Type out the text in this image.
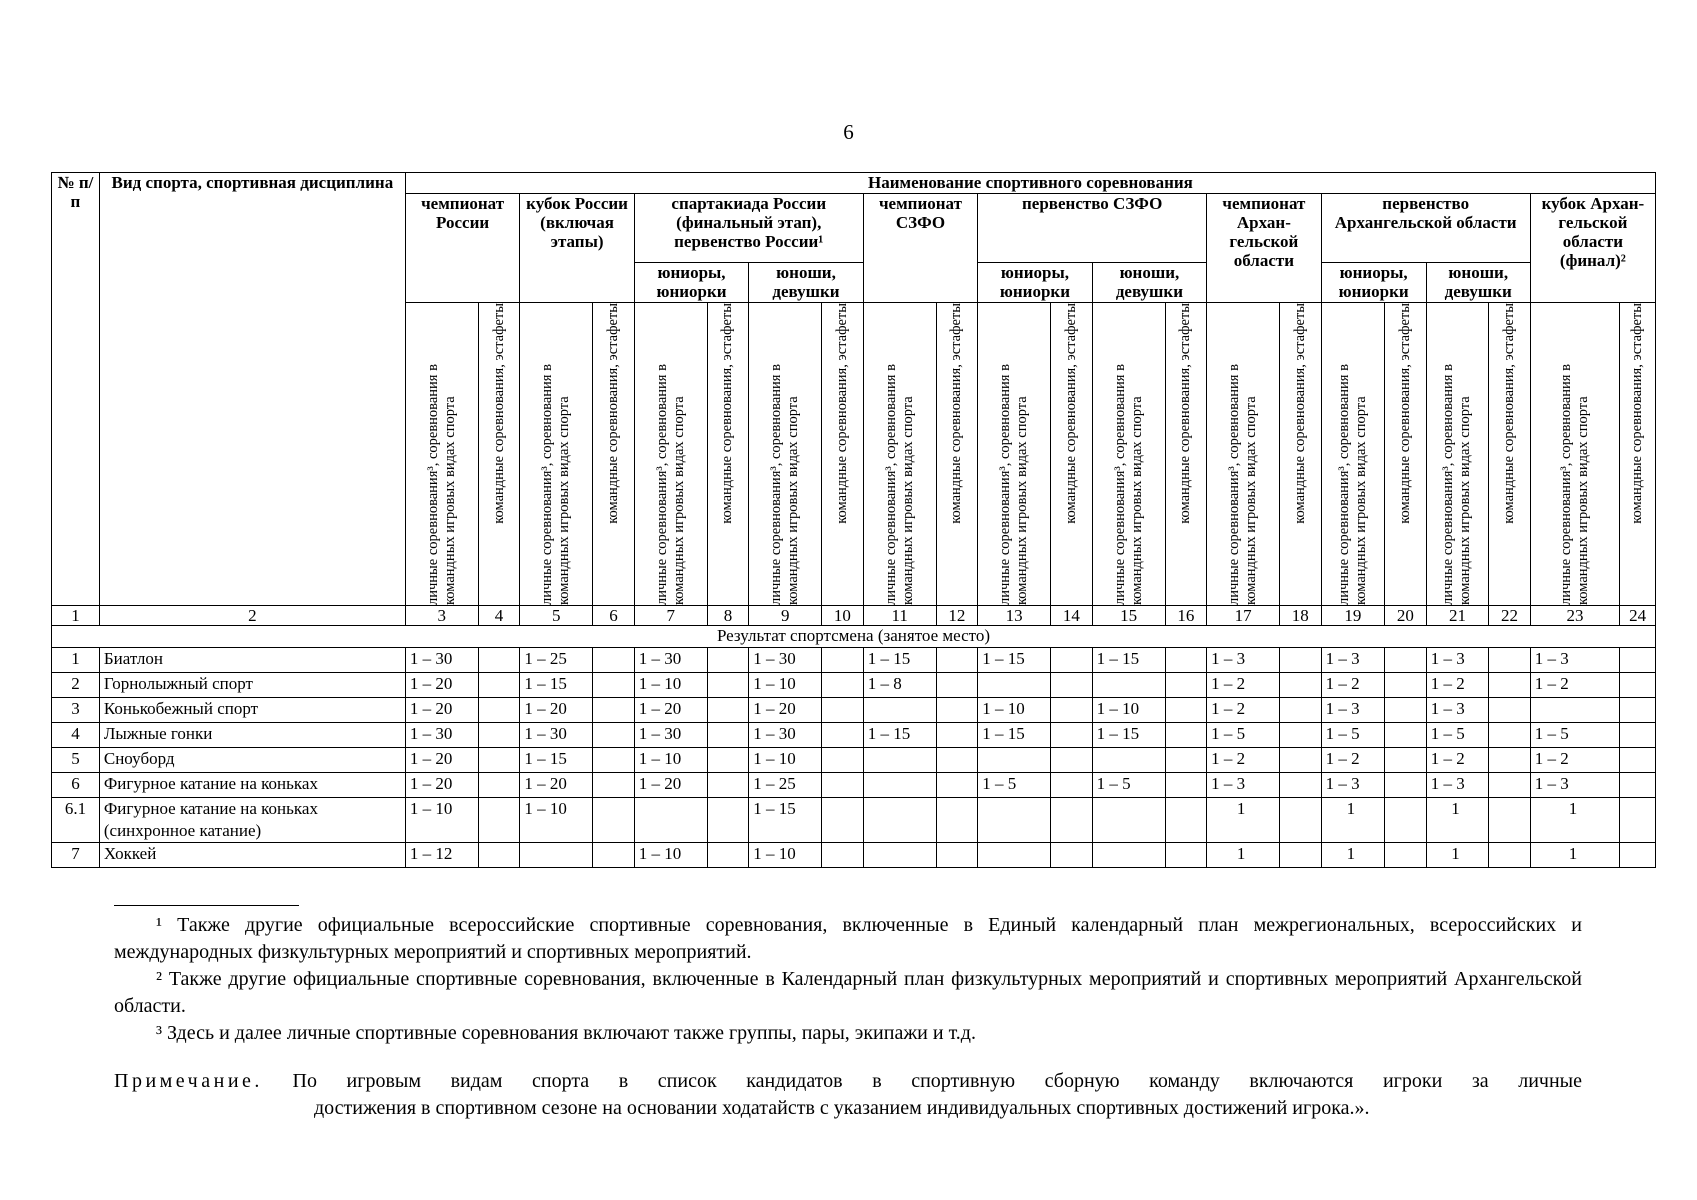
6
№ п/п	Вид спорта, спортивная дисциплина	Наименование спортивного соревнования																					
		чемпионат России		кубок России (включая этапы)		спартакиада России (финальный этап), первенство России¹				чемпионат СЗФО		первенство СЗФО				чемпионат Архан-гельской области		первенство Архангельской области				кубок Архан-гельской области (финал)²	
						юниоры, юниорки		юноши, девушки				юниоры, юниорки		юноши, девушки				юниоры, юниорки		юноши, девушки			

		личные соревнования³, соревнования в командных игровых видах спорта	командные соревнования, эстафеты	личные соревнования³, соревнования в командных игровых видах спорта	командные соревнования, эстафеты	личные соревнования³, соревнования в командных игровых видах спорта	командные соревнования, эстафеты	личные соревнования³, соревнования в командных игровых видах спорта	командные соревнования, эстафеты	личные соревнования³, соревнования в командных игровых видах спорта	командные соревнования, эстафеты	личные соревнования³, соревнования в командных игровых видах спорта	командные соревнования, эстафеты	личные соревнования³, соревнования в командных игровых видах спорта	командные соревнования, эстафеты	личные соревнования³, соревнования в командных игровых видах спорта	командные соревнования, эстафеты	личные соревнования³, соревнования в командных игровых видах спорта	командные соревнования, эстафеты	личные соревнования³, соревнования в командных игровых видах спорта	командные соревнования, эстафеты	личные соревнования³, соревнования в командных игровых видах спорта	командные соревнования, эстафеты

1	2	3	4	5	6	7	8	9	10	11	12	13	14	15	16	17	18	19	20	21	22	23	24
Результат спортсмена (занятое место)																							
1	Биатлон	1 – 30		1 – 25		1 – 30		1 – 30		1 – 15		1 – 15		1 – 15		1 – 3		1 – 3		1 – 3		1 – 3	
2	Горнолыжный спорт	1 – 20		1 – 15		1 – 10		1 – 10		1 – 8						1 – 2		1 – 2		1 – 2		1 – 2	
3	Конькобежный спорт	1 – 20		1 – 20		1 – 20		1 – 20				1 – 10		1 – 10		1 – 2		1 – 3		1 – 3			
4	Лыжные гонки	1 – 30		1 – 30		1 – 30		1 – 30		1 – 15		1 – 15		1 – 15		1 – 5		1 – 5		1 – 5		1 – 5	
5	Сноуборд	1 – 20		1 – 15		1 – 10		1 – 10								1 – 2		1 – 2		1 – 2		1 – 2	
6	Фигурное катание на коньках	1 – 20		1 – 20		1 – 20		1 – 25				1 – 5		1 – 5		1 – 3		1 – 3		1 – 3		1 – 3	
6.1	Фигурное катание на коньках (синхронное катание)	1 – 10		1 – 10				1 – 15								1		1		1		1	
7	Хоккей	1 – 12				1 – 10		1 – 10								1		1		1		1	

¹ Также другие официальные всероссийские спортивные соревнования, включенные в Единый календарный план межрегиональных, всероссийских и международных физкультурных мероприятий и спортивных мероприятий.

² Также другие официальные спортивные соревнования, включенные в Календарный план физкультурных мероприятий и спортивных мероприятий Архангельской области.

³ Здесь и далее личные спортивные соревнования включают также группы, пары, экипажи и т.д.

Примечание. По игровым видам спорта в список кандидатов в спортивную сборную команду включаются игроки за личные
достижения в спортивном сезоне на основании ходатайств с указанием индивидуальных спортивных достижений игрока.».
